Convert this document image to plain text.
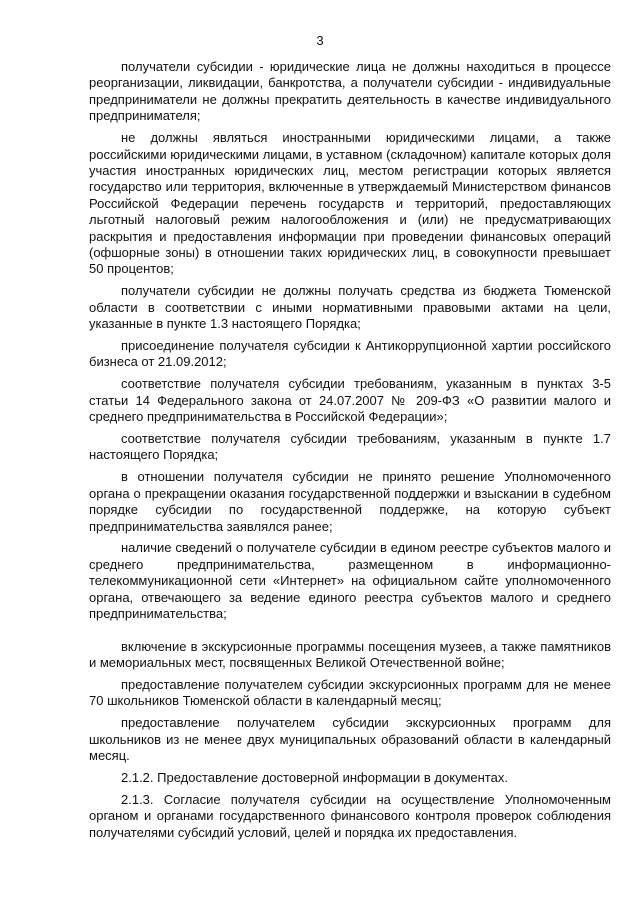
3

получатели субсидии - юридические лица не должны находиться в процессе реорганизации, ликвидации, банкротства, а получатели субсидии - индивидуальные предприниматели не должны прекратить деятельность в качестве индивидуального предпринимателя;

не должны являться иностранными юридическими лицами, а также российскими юридическими лицами, в уставном (складочном) капитале которых доля участия иностранных юридических лиц, местом регистрации которых является государство или территория, включенные в утверждаемый Министерством финансов Российской Федерации перечень государств и территорий, предоставляющих льготный налоговый режим налогообложения и (или) не предусматривающих раскрытия и предоставления информации при проведении финансовых операций (офшорные зоны) в отношении таких юридических лиц, в совокупности превышает 50 процентов;

получатели субсидии не должны получать средства из бюджета Тюменской области в соответствии с иными нормативными правовыми актами на цели, указанные в пункте 1.3 настоящего Порядка;

присоединение получателя субсидии к Антикоррупционной хартии российского бизнеса от 21.09.2012;

соответствие получателя субсидии требованиям, указанным в пунктах 3-5 статьи 14 Федерального закона от 24.07.2007 № 209-ФЗ «О развитии малого и среднего предпринимательства в Российской Федерации»;

соответствие получателя субсидии требованиям, указанным в пункте 1.7 настоящего Порядка;

в отношении получателя субсидии не принято решение Уполномоченного органа о прекращении оказания государственной поддержки и взыскании в судебном порядке субсидии по государственной поддержке, на которую субъект предпринимательства заявлялся ранее;

наличие сведений о получателе субсидии в едином реестре субъектов малого и среднего предпринимательства, размещенном в информационно-телекоммуникационной сети «Интернет» на официальном сайте уполномоченного органа, отвечающего за ведение единого реестра субъектов малого и среднего предпринимательства;

включение в экскурсионные программы посещения музеев, а также памятников и мемориальных мест, посвященных Великой Отечественной войне;

предоставление получателем субсидии экскурсионных программ для не менее 70 школьников Тюменской области в календарный месяц;

предоставление получателем субсидии экскурсионных программ для школьников из не менее двух муниципальных образований области в календарный месяц.

2.1.2. Предоставление достоверной информации в документах.

2.1.3. Согласие получателя субсидии на осуществление Уполномоченным органом и органами государственного финансового контроля проверок соблюдения получателями субсидий условий, целей и порядка их предоставления.
